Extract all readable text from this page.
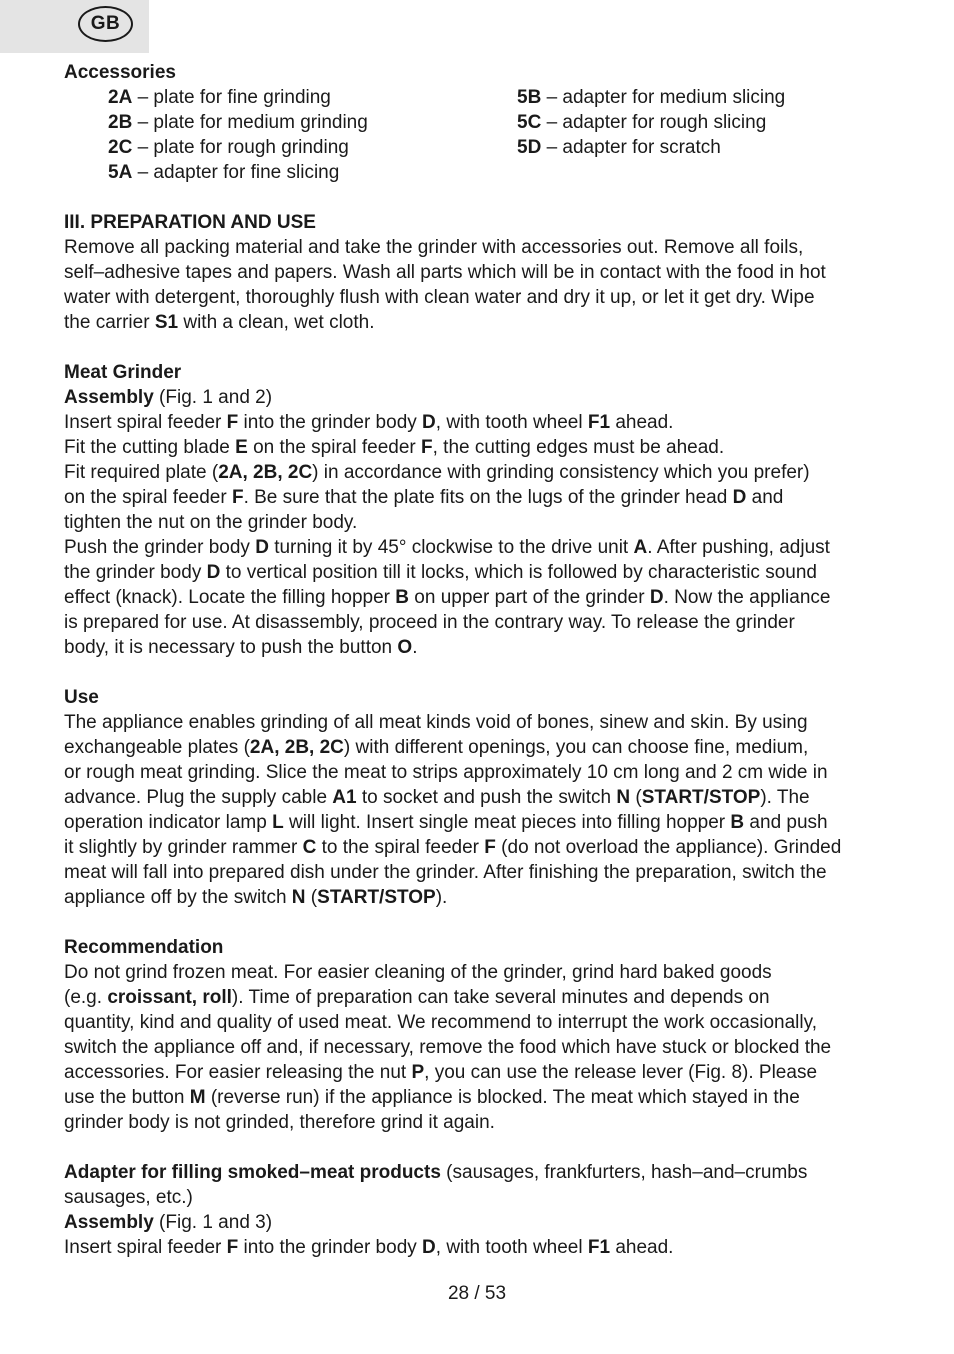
GB

Accessories

2A – plate for fine grinding

2B – plate for medium grinding

2C – plate for rough grinding

5A – adapter for fine slicing

5B – adapter for medium slicing

5C – adapter for rough slicing

5D – adapter for scratch

III. PREPARATION AND USE

Remove all packing material and take the grinder with accessories out. Remove all foils,

self–adhesive tapes and papers. Wash all parts which will be in contact with the food in hot

water with detergent, thoroughly flush with clean water and dry it up, or let it get dry. Wipe

the carrier S1 with a clean, wet cloth.

Meat Grinder

Assembly (Fig. 1 and 2)

Insert spiral feeder F into the grinder body D, with tooth wheel F1 ahead.

Fit the cutting blade E on the spiral feeder F, the cutting edges must be ahead.

Fit required plate (2A, 2B, 2C) in accordance with grinding consistency which you prefer)

on the spiral feeder F. Be sure that the plate fits on the lugs of the grinder head D and

tighten the nut on the grinder body.

Push the grinder body D turning it by 45° clockwise to the drive unit A. After pushing, adjust

the grinder body D to vertical position till it locks, which is followed by characteristic sound

effect (knack). Locate the filling hopper B on upper part of the grinder D. Now the appliance

is prepared for use. At disassembly, proceed in the contrary way. To release the grinder

body, it is necessary to push the button O.

Use

The appliance enables grinding of all meat kinds void of bones, sinew and skin. By using

exchangeable plates (2A, 2B, 2C) with different openings, you can choose fine, medium,

or rough meat grinding. Slice the meat to strips approximately 10 cm long and 2 cm wide in

advance. Plug the supply cable A1 to socket and push the switch N (START/STOP). The

operation indicator lamp L will light. Insert single meat pieces into filling hopper B and push

it slightly by grinder rammer C to the spiral feeder F (do not overload the appliance). Grinded

meat will fall into prepared dish under the grinder. After finishing the preparation, switch the

appliance off by the switch N (START/STOP).

Recommendation

Do not grind frozen meat. For easier cleaning of the grinder, grind hard baked goods

(e.g. croissant, roll). Time of preparation can take several minutes and depends on

quantity, kind and quality of used meat. We recommend to interrupt the work occasionally,

switch the appliance off and, if necessary, remove the food which have stuck or blocked the

accessories. For easier releasing the nut P, you can use the release lever (Fig. 8). Please

use the button M (reverse run) if the appliance is blocked. The meat which stayed in the

grinder body is not grinded, therefore grind it again.

Adapter for filling smoked–meat products (sausages, frankfurters, hash–and–crumbs

sausages, etc.)

Assembly (Fig. 1 and 3)

Insert spiral feeder F into the grinder body D, with tooth wheel F1 ahead.

28 / 53
